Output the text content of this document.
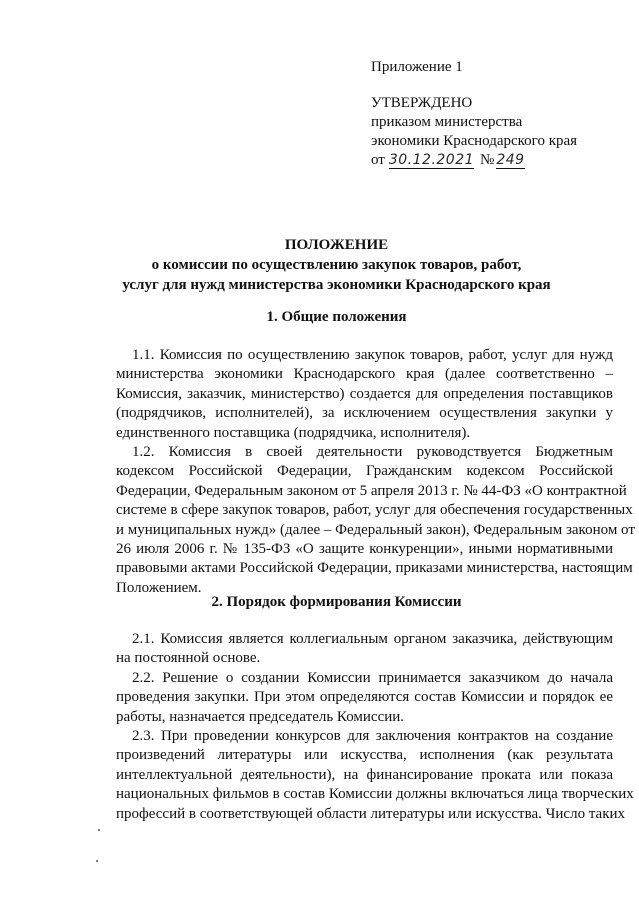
Приложение 1
УТВЕРЖДЕНО
приказом министерства
экономики Краснодарского края
от 30.12.2021 № 249
ПОЛОЖЕНИЕ
о комиссии по осуществлению закупок товаров, работ,
услуг для нужд министерства экономики Краснодарского края
1. Общие положения
1.1. Комиссия по осуществлению закупок товаров, работ, услуг для нужд
министерства экономики Краснодарского края (далее соответственно –
Комиссия, заказчик, министерство) создается для определения поставщиков
(подрядчиков, исполнителей), за исключением осуществления закупки у
единственного поставщика (подрядчика, исполнителя).
1.2. Комиссия в своей деятельности руководствуется Бюджетным
кодексом Российской Федерации, Гражданским кодексом Российской
Федерации, Федеральным законом от 5 апреля 2013 г. № 44-ФЗ «О контрактной
системе в сфере закупок товаров, работ, услуг для обеспечения государственных
и муниципальных нужд» (далее – Федеральный закон), Федеральным законом от
26 июля 2006 г. № 135-ФЗ «О защите конкуренции», иными нормативными
правовыми актами Российской Федерации, приказами министерства, настоящим
Положением.
2. Порядок формирования Комиссии
2.1. Комиссия является коллегиальным органом заказчика, действующим
на постоянной основе.
2.2. Решение о создании Комиссии принимается заказчиком до начала
проведения закупки. При этом определяются состав Комиссии и порядок ее
работы, назначается председатель Комиссии.
2.3. При проведении конкурсов для заключения контрактов на создание
произведений литературы или искусства, исполнения (как результата
интеллектуальной деятельности), на финансирование проката или показа
национальных фильмов в состав Комиссии должны включаться лица творческих
профессий в соответствующей области литературы или искусства. Число таких
